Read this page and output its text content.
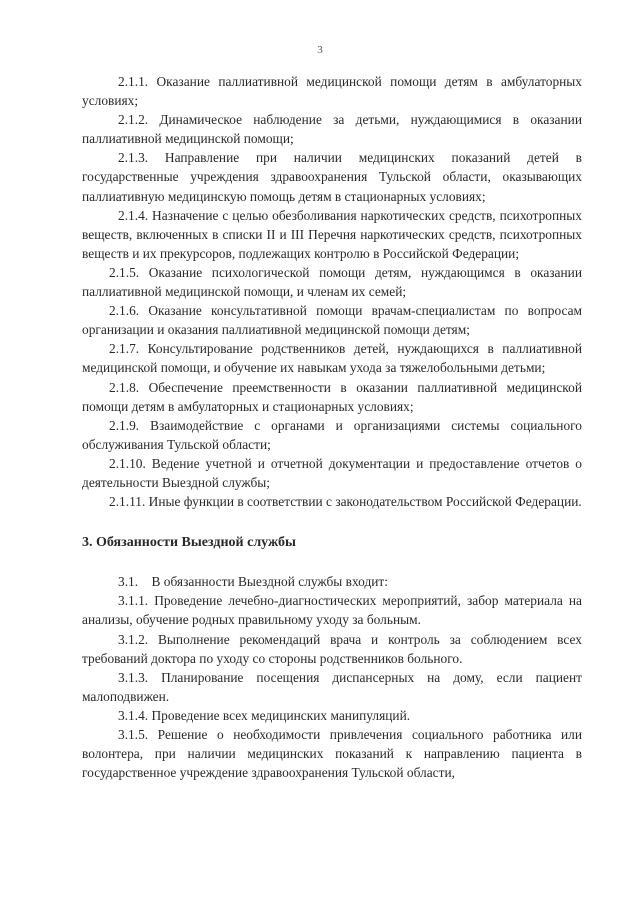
3

2.1.1. Оказание паллиативной медицинской помощи детям в амбулаторных условиях;

2.1.2. Динамическое наблюдение за детьми, нуждающимися в оказании паллиативной медицинской помощи;

2.1.3. Направление при наличии медицинских показаний детей в государственные учреждения здравоохранения Тульской области, оказывающих паллиативную медицинскую помощь детям в стационарных условиях;

2.1.4. Назначение с целью обезболивания наркотических средств, психотропных веществ, включенных в списки II и III Перечня наркотических средств, психотропных веществ и их прекурсоров, подлежащих контролю в Российской Федерации;

2.1.5. Оказание психологической помощи детям, нуждающимся в оказании паллиативной медицинской помощи, и членам их семей;

2.1.6. Оказание консультативной помощи врачам-специалистам по вопросам организации и оказания паллиативной медицинской помощи детям;

2.1.7. Консультирование родственников детей, нуждающихся в паллиативной медицинской помощи, и обучение их навыкам ухода за тяжелобольными детьми;

2.1.8. Обеспечение преемственности в оказании паллиативной медицинской помощи детям в амбулаторных и стационарных условиях;

2.1.9. Взаимодействие с органами и организациями системы социального обслуживания Тульской области;

2.1.10. Ведение учетной и отчетной документации и предоставление отчетов о деятельности Выездной службы;

2.1.11. Иные функции в соответствии с законодательством Российской Федерации.

3. Обязанности Выездной службы

3.1.    В обязанности Выездной службы входит:

3.1.1. Проведение лечебно-диагностических мероприятий, забор материала на анализы, обучение родных правильному уходу за больным.

3.1.2. Выполнение рекомендаций врача и контроль за соблюдением всех требований доктора по уходу со стороны родственников больного.

3.1.3. Планирование посещения диспансерных на дому, если пациент малоподвижен.

3.1.4. Проведение всех медицинских манипуляций.

3.1.5. Решение о необходимости привлечения социального работника или волонтера, при наличии медицинских показаний к направлению пациента в государственное учреждение здравоохранения Тульской области,
